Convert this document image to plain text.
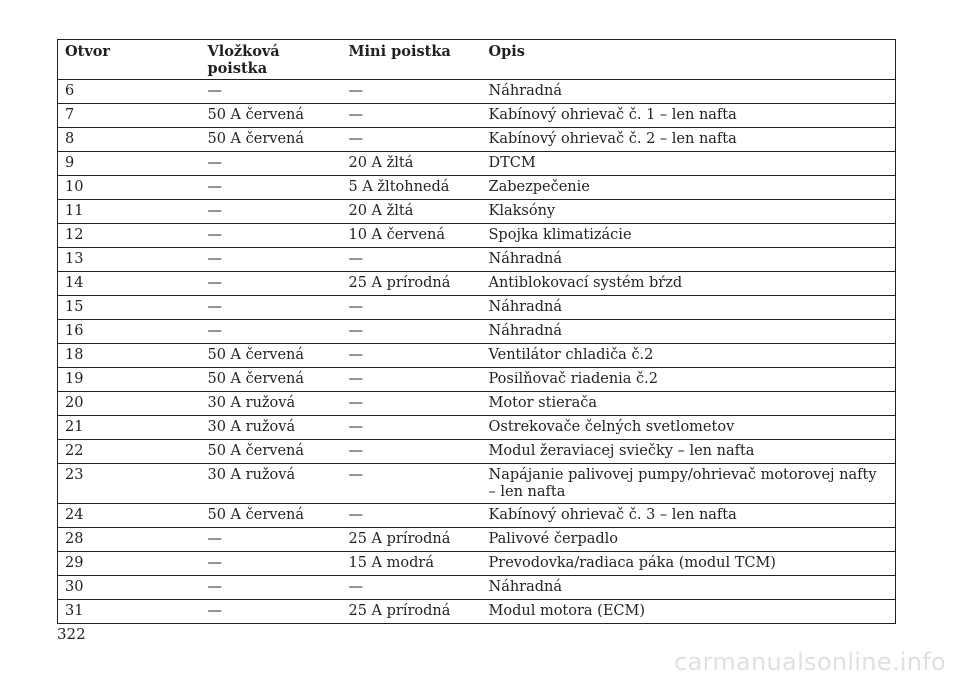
Otvor	Vložková poistka	Mini poistka	Opis
6	—	—	Náhradná
7	50 A červená	—	Kabínový ohrievač č. 1 – len nafta
8	50 A červená	—	Kabínový ohrievač č. 2 – len nafta
9	—	20 A žltá	DTCM
10	—	5 A žltohnedá	Zabezpečenie
11	—	20 A žltá	Klaksóny
12	—	10 A červená	Spojka klimatizácie
13	—	—	Náhradná
14	—	25 A prírodná	Antiblokovací systém bŕzd
15	—	—	Náhradná
16	—	—	Náhradná
18	50 A červená	—	Ventilátor chladiča č.2
19	50 A červená	—	Posilňovač riadenia č.2
20	30 A ružová	—	Motor stierača
21	30 A ružová	—	Ostrekovače čelných svetlometov
22	50 A červená	—	Modul žeraviacej sviečky – len nafta
23	30 A ružová	—	Napájanie palivovej pumpy/ohrievač motorovej nafty – len nafta
24	50 A červená	—	Kabínový ohrievač č. 3 – len nafta
28	—	25 A prírodná	Palivové čerpadlo
29	—	15 A modrá	Prevodovka/radiaca páka (modul TCM)
30	—	—	Náhradná
31	—	25 A prírodná	Modul motora (ECM)
322
carmanualsonline.info
